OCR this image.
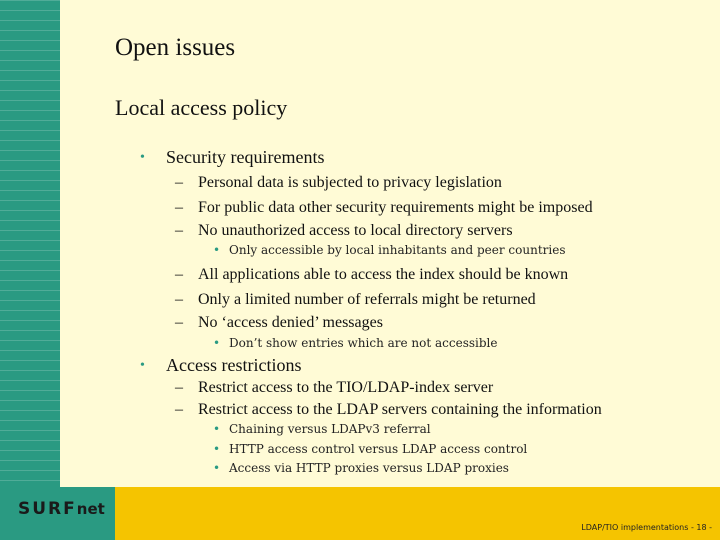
SURFnet
LDAP/TIO implementations - 18 -
Open issues
Local access policy
• Security requirements
– Personal data is subjected to privacy legislation
– For public data other security requirements might be imposed
– No unauthorized access to local directory servers
• Only accessible by local inhabitants and peer countries
– All applications able to access the index should be known
– Only a limited number of referrals might be returned
– No ‘access denied’ messages
• Don’t show entries which are not accessible
• Access restrictions
– Restrict access to the TIO/LDAP-index server
– Restrict access to the LDAP servers containing the information
• Chaining versus LDAPv3 referral
• HTTP access control versus LDAP access control
• Access via HTTP proxies versus LDAP proxies
